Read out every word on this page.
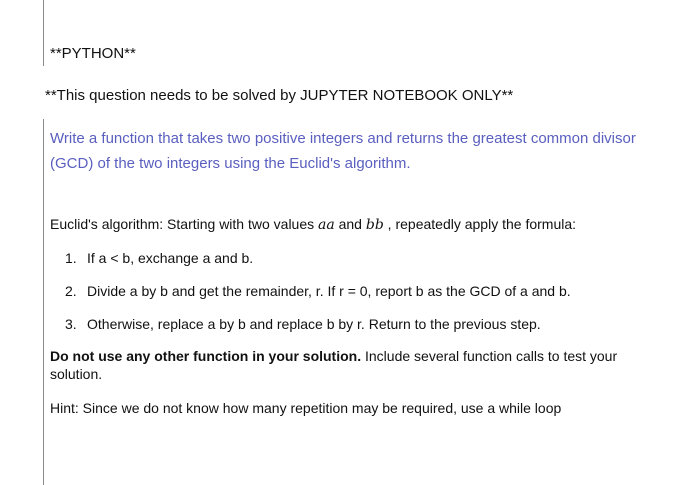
**PYTHON**
**This question needs to be solved by JUPYTER NOTEBOOK ONLY**
Write a function that takes two positive integers and returns the greatest common divisor (GCD) of the two integers using the Euclid's algorithm.
Euclid's algorithm: Starting with two values aa and bb , repeatedly apply the formula:
1. If a < b, exchange a and b.
2. Divide a by b and get the remainder, r. If r = 0, report b as the GCD of a and b.
3. Otherwise, replace a by b and replace b by r. Return to the previous step.
Do not use any other function in your solution. Include several function calls to test your solution.
Hint: Since we do not know how many repetition may be required, use a while loop
